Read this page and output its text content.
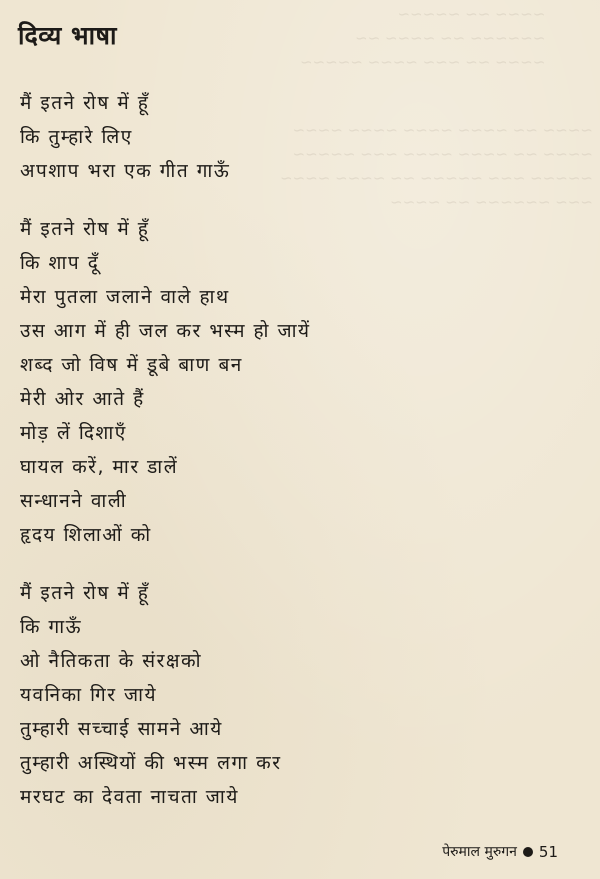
~~~~ ~~ ~~~~~
~~~~~~ ~~ ~~~~ ~~
~~~~ ~~ ~~~ ~~~~ ~~~~~
~~~~ ~~ ~~~~ ~~~~ ~~~~ ~~~~
~~~~ ~~ ~~~~ ~~~~ ~~~ ~~~~~
~~~~~ ~~~ ~~~~~ ~~ ~~~~ ~~~~
~~~ ~~~~~~ ~~ ~~~~
दिव्य भाषा
मैं इतने रोष में हूँ
कि तुम्हारे लिए
अपशाप भरा एक गीत गाऊँ
मैं इतने रोष में हूँ
कि शाप दूँ
मेरा पुतला जलाने वाले हाथ
उस आग में ही जल कर भस्म हो जायें
शब्द जो विष में डूबे बाण बन
मेरी ओर आते हैं
मोड़ लें दिशाएँ
घायल करें, मार डालें
सन्धानने वाली
हृदय शिलाओं को
मैं इतने रोष में हूँ
कि गाऊँ
ओ नैतिकता के संरक्षको
यवनिका गिर जाये
तुम्हारी सच्चाई सामने आये
तुम्हारी अस्थियों की भस्म लगा कर
मरघट का देवता नाचता जाये
पेरुमाल मुरुगन 51
